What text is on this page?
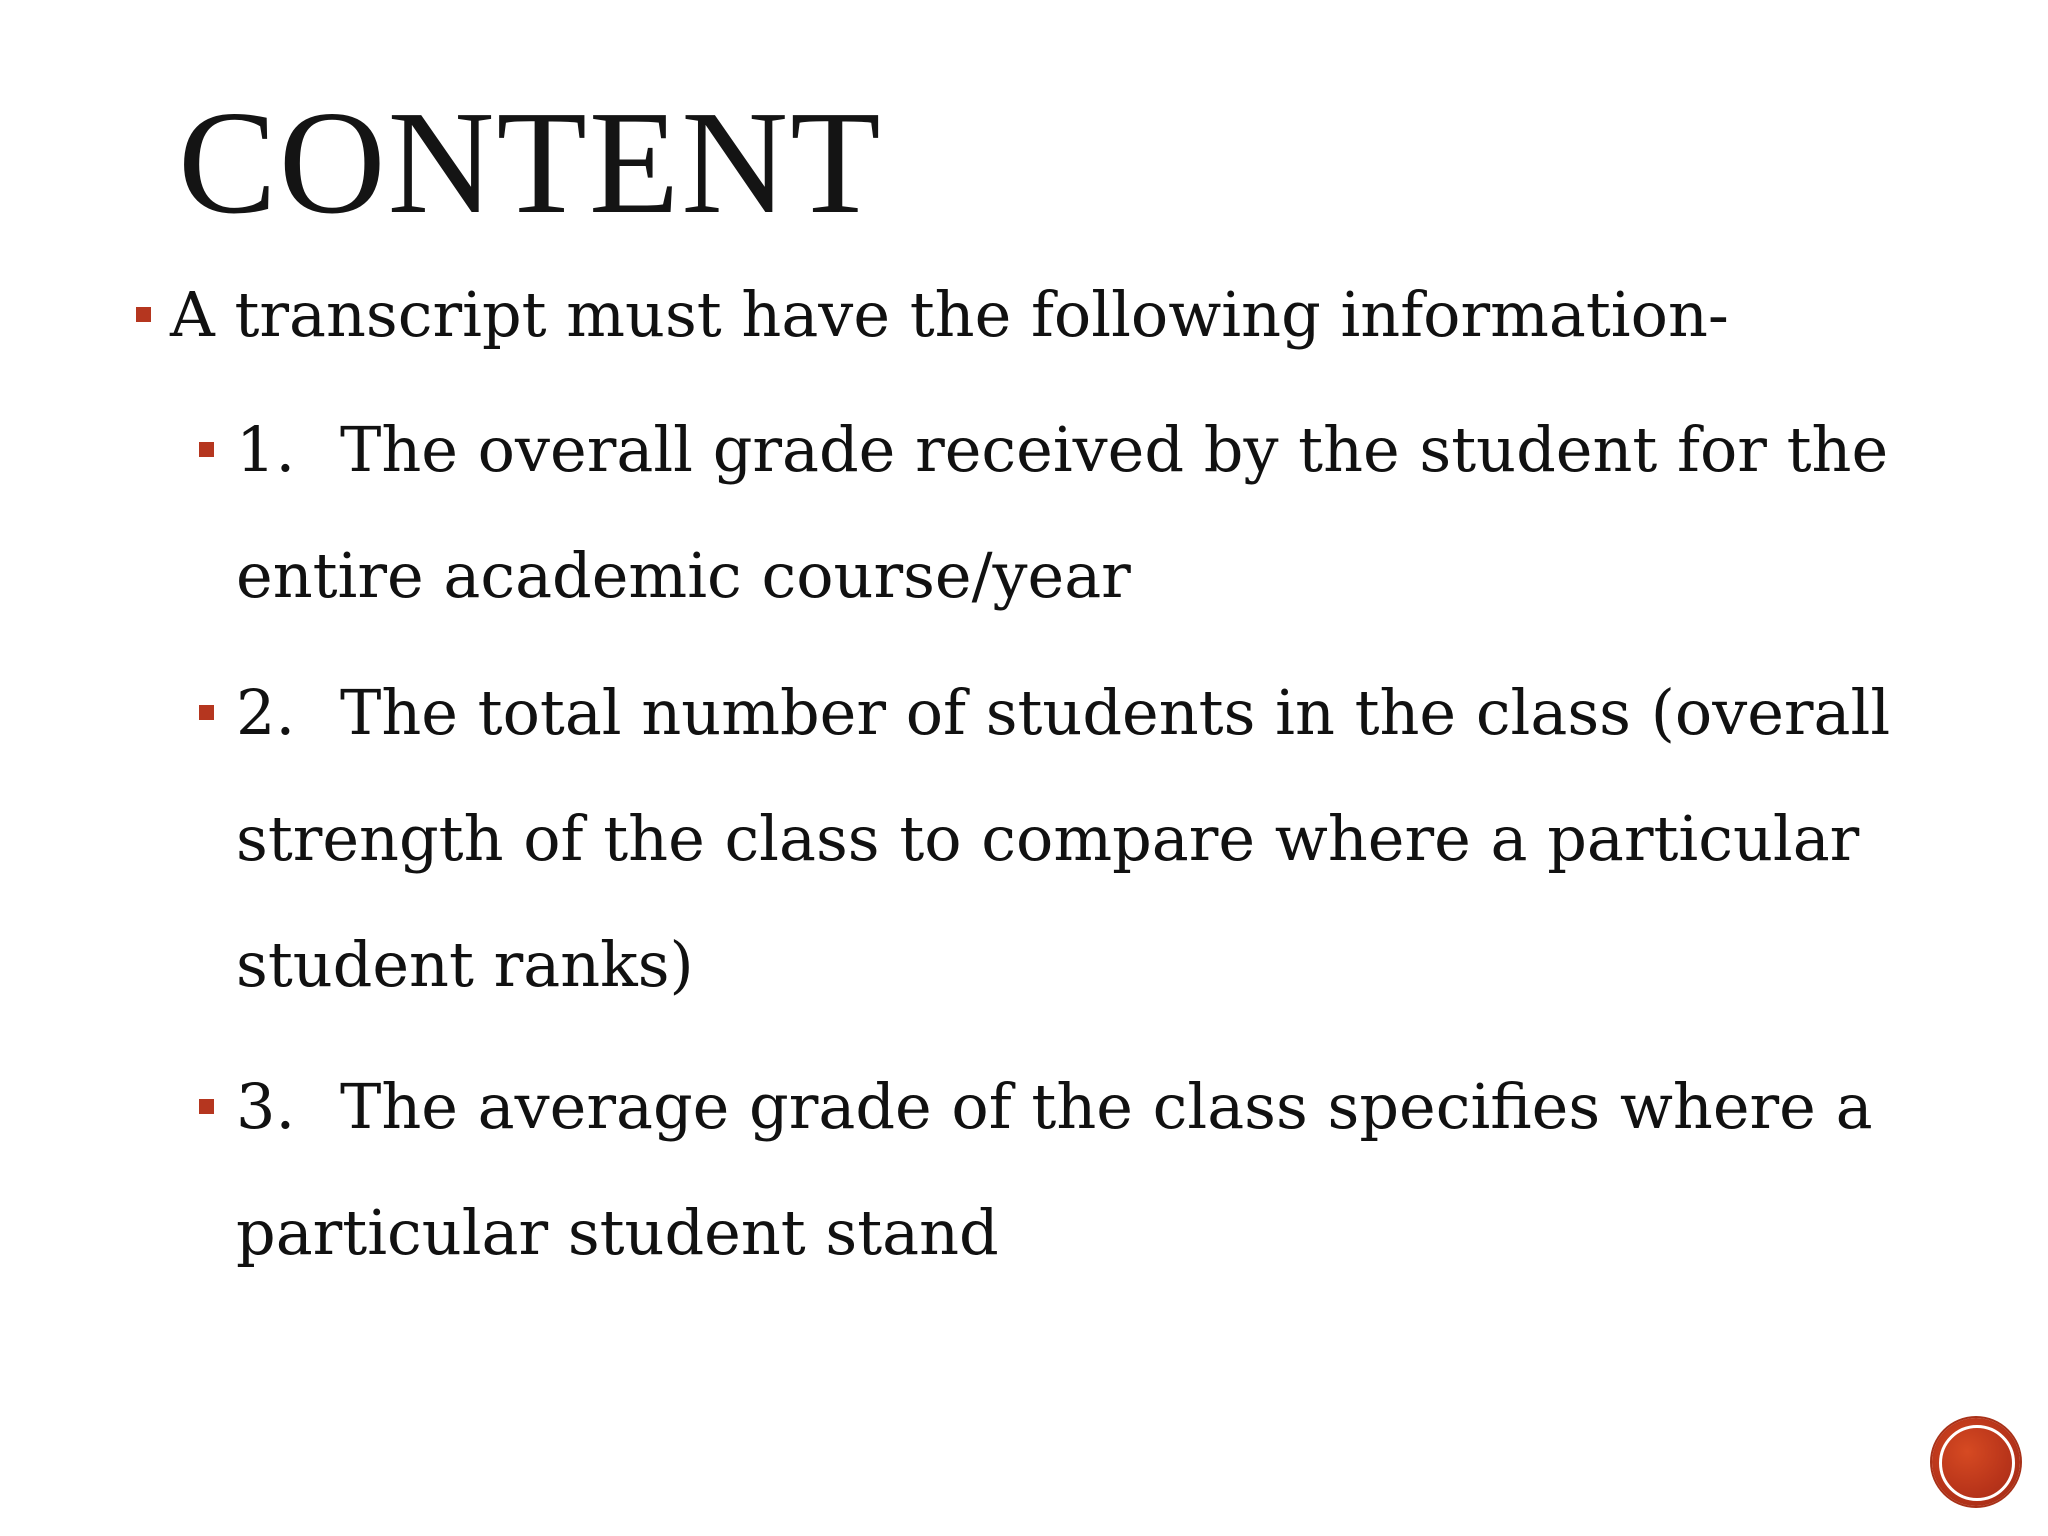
CONTENT
A transcript must have the following information-
1. The overall grade received by the student for the
entire academic course/year
2. The total number of students in the class (overall
strength of the class to compare where a particular
student ranks)
3. The average grade of the class specifies where a
particular student stand
